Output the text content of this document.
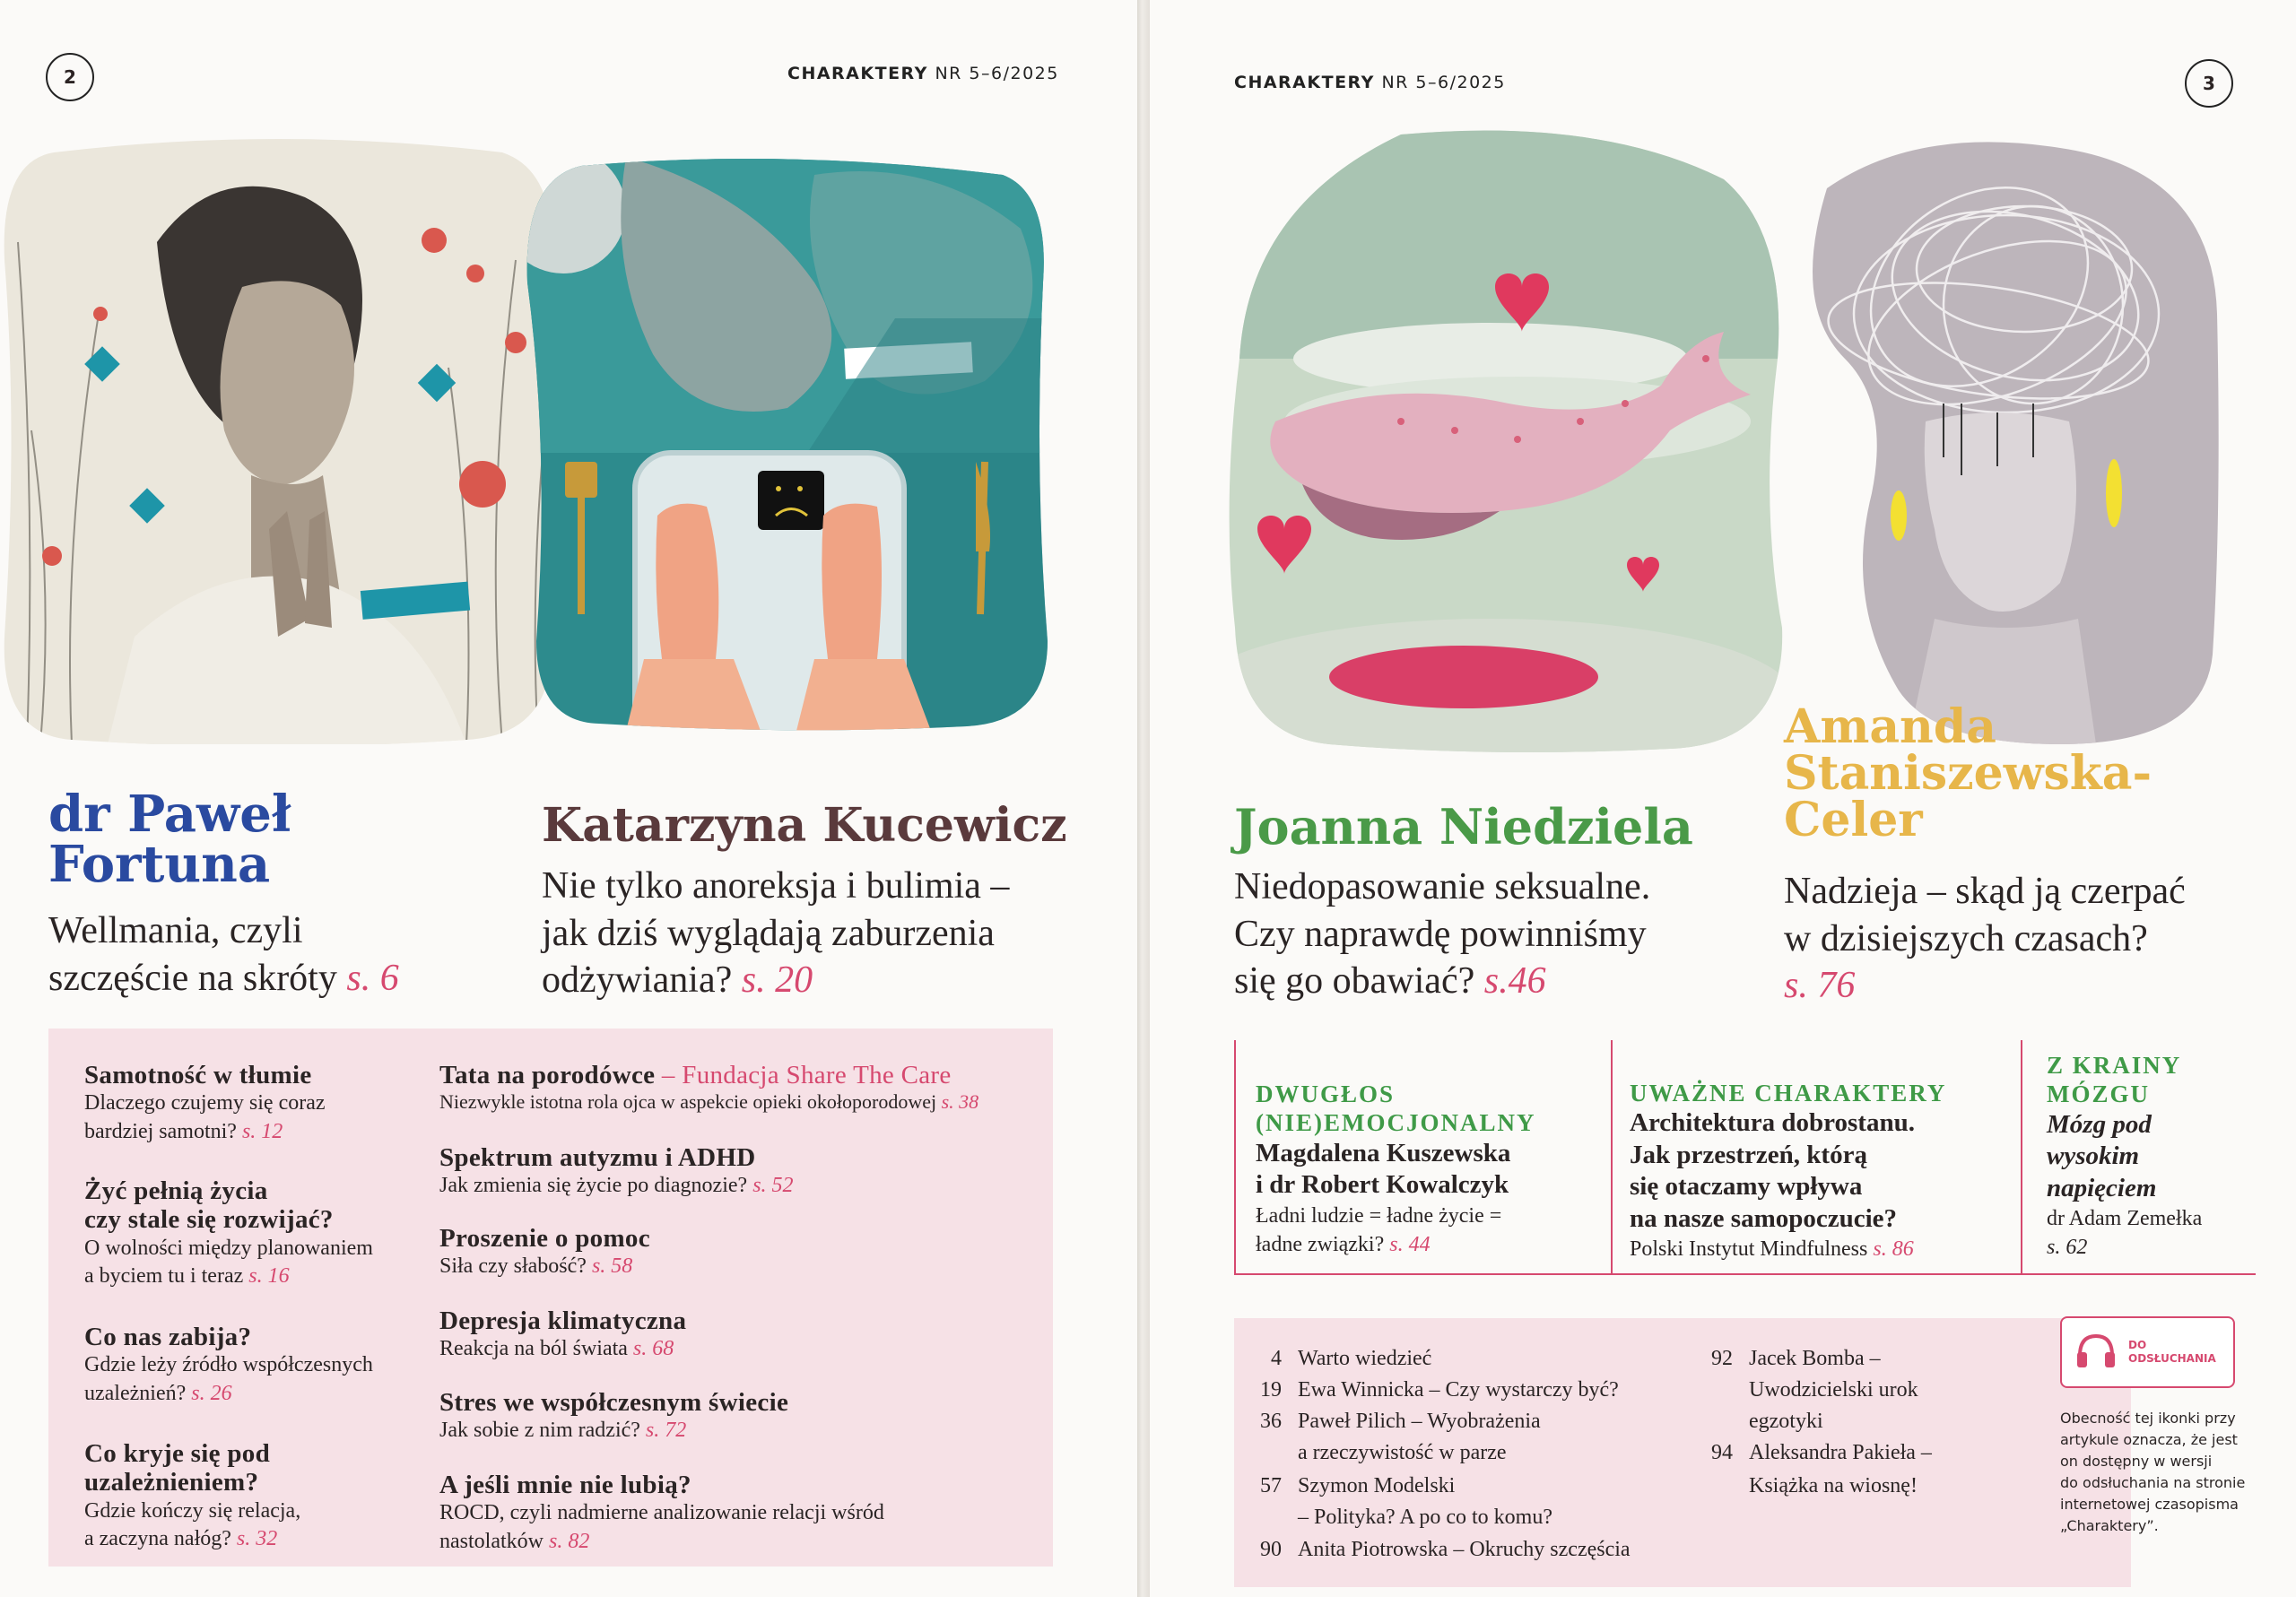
2	CHARAKTERY NR 5–6/2025
dr Paweł
Fortuna
Wellmania, czyli
szczęście na skróty s. 6
Katarzyna Kucewicz
Nie tylko anoreksja i bulimia –
jak dziś wyglądają zaburzenia
odżywiania? s. 20
Samotność w tłumie
Dlaczego czujemy się coraz
bardziej samotni? s. 12
Żyć pełnią życia
czy stale się rozwijać?
O wolności między planowaniem
a byciem tu i teraz s. 16
Co nas zabija?
Gdzie leży źródło współczesnych
uzależnień? s. 26
Co kryje się pod
uzależnieniem?
Gdzie kończy się relacja,
a zaczyna nałóg? s. 32
Tata na porodówce – Fundacja Share The Care
Niezwykle istotna rola ojca w aspekcie opieki okołoporodowej s. 38
Spektrum autyzmu i ADHD
Jak zmienia się życie po diagnozie? s. 52
Proszenie o pomoc
Siła czy słabość? s. 58
Depresja klimatyczna
Reakcja na ból świata s. 68
Stres we współczesnym świecie
Jak sobie z nim radzić? s. 72
A jeśli mnie nie lubią?
ROCD, czyli nadmierne analizowanie relacji wśród
nastolatków s. 82
CHARAKTERY NR 5–6/2025	3
Joanna Niedziela
Niedopasowanie seksualne.
Czy naprawdę powinniśmy
się go obawiać? s.46
Amanda
Staniszewska-
Celer
Nadzieja – skąd ją czerpać
w dzisiejszych czasach?
s. 76
DWUGŁOS
(NIE)EMOCJONALNY
Magdalena Kuszewska
i dr Robert Kowalczyk
Ładni ludzie = ładne życie =
ładne związki? s. 44
UWAŻNE CHARAKTERY
Architektura dobrostanu.
Jak przestrzeń, którą
się otaczamy wpływa
na nasze samopoczucie?
Polski Instytut Mindfulness s. 86
Z KRAINY
MÓZGU
Mózg pod
wysokim
napięciem
dr Adam Zemełka
s. 62
4 Warto wiedzieć
19 Ewa Winnicka – Czy wystarczy być?
36 Paweł Pilich – Wyobrażenia
a rzeczywistość w parze
57 Szymon Modelski
– Polityka? A po co to komu?
90 Anita Piotrowska – Okruchy szczęścia
92 Jacek Bomba –
Uwodzicielski urok
egzotyki
94 Aleksandra Pakieła –
Książka na wiosnę!
DO
ODSŁUCHANIA
Obecność tej ikonki przy
artykule oznacza, że jest
on dostępny w wersji
do odsłuchania na stronie
internetowej czasopisma
„Charaktery”.
